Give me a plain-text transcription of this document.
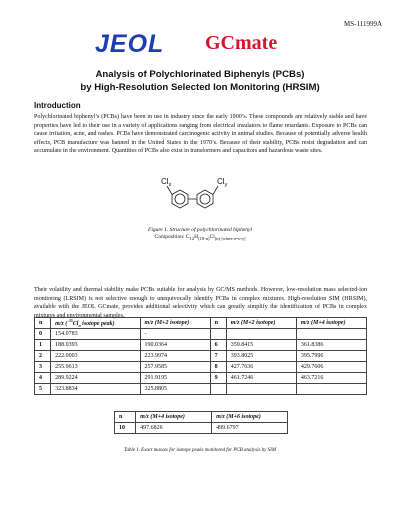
MS-111999A
JEOL GCmate
Analysis of Polychlorinated Biphenyls (PCBs)
by High-Resolution Selected Ion Monitoring (HRSIM)
Introduction
Polychlorinated biphenyl’s (PCBs) have been in use in industry since the early 1900’s. These compounds are relatively stable and have properties have led to their use in a variety of applications ranging from electrical insulators to flame retardants. Exposure to PCBs can cause irritation, acne, and rashes. PCBs have demonstrated carcinogenic activity in animal studies. Because of potentially adverse health effects, PCB manufacture was banned in the United States in the 1970’s. Because of their stability, PCBs resist degradation and can accumulate in the environment. Quantities of PCBs also exist in transformers and capacitors and hazardous waste sites.
$Cl_x$	$Cl_y$
Figure 1. Structure of polychlorinated biphenyl
Composition: $C_{12}H_{(10-n)}Cl_{(n)}$ $_{[where n=x+y]}$
Their volatility and thermal stability make PCBs suitable for analysis by GC/MS methods. However, low-resolution mass selected-ion monitoring (LRSIM) is not selective enough to unequivocally identify PCBs in complex mixtures. High-resolution SIM (HRSIM), available with the JEOL GCmate, provides additional selectivity which can greatly simplify the identification of PCBs in complex mixtures and environmental samples.
n	m/z ( $^{35}Cl_n$ isotope peak)	m/z (M+2 isotope)	n	m/z (M+2 isotope)	m/z (M+4 isotope)
0	154.0783	-			
1	188.0393	190.0364	6	359.8415	361.8386
2	222.0003	223.9974	7	393.8025	395.7996
3	255.9613	257.9585	8	427.7636	429.7606
4	289.9224	291.9195	9	461.7246	463.7216
5	323.8834	325.8805			
n	m/z (M+4 isotope)	m/z (M+6 isotope)
10	497.6826	499.6797
Table 1. Exact masses for isotope peaks monitored for PCB analysis by SIM
